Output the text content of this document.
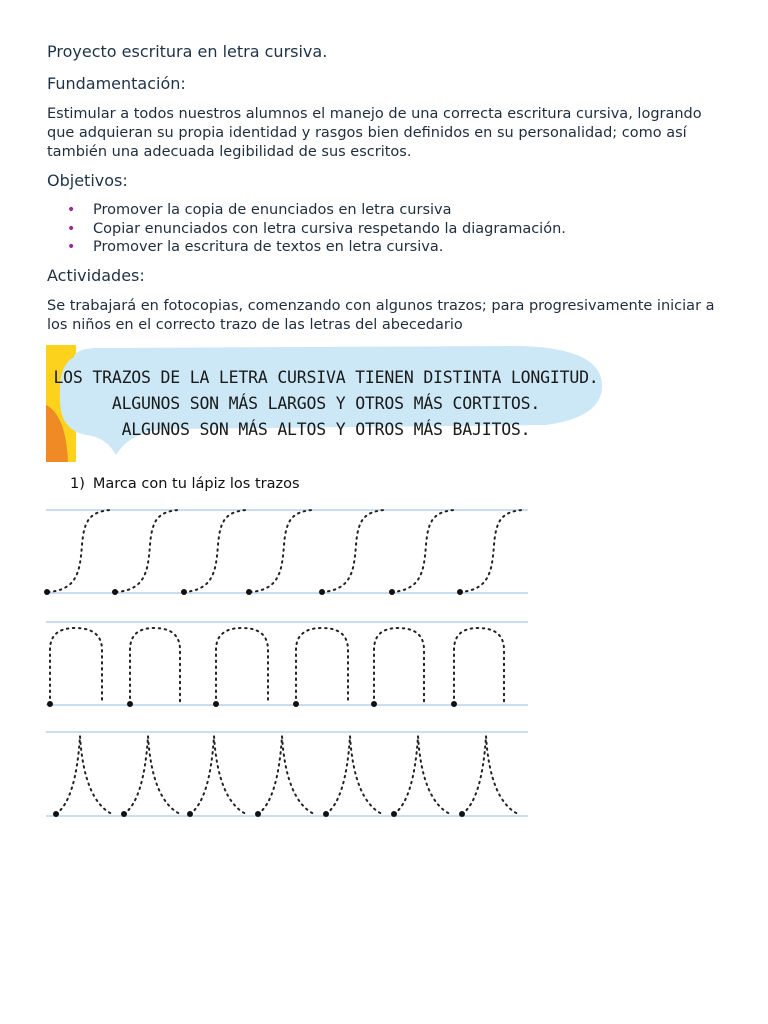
Proyecto escritura en letra cursiva.
Fundamentación:

Estimular a todos nuestros alumnos el manejo de una correcta escritura cursiva, logrando que adquieran su propia identidad y rasgos bien definidos en su personalidad; como así también una adecuada legibilidad de sus escritos.

Objetivos:
• Promover la copia de enunciados en letra cursiva
• Copiar enunciados con letra cursiva respetando la diagramación.
• Promover la escritura de textos en letra cursiva.
Actividades:

Se trabajará en fotocopias, comenzando con algunos trazos; para progresivamente iniciar a los niños en el correcto trazo de las letras del abecedario

LOS TRAZOS DE LA LETRA CURSIVA TIENEN DISTINTA LONGITUD.
ALGUNOS SON MÁS LARGOS Y OTROS MÁS CORTITOS.
ALGUNOS SON MÁS ALTOS Y OTROS MÁS BAJITOS.

1) Marca con tu lápiz los trazos
